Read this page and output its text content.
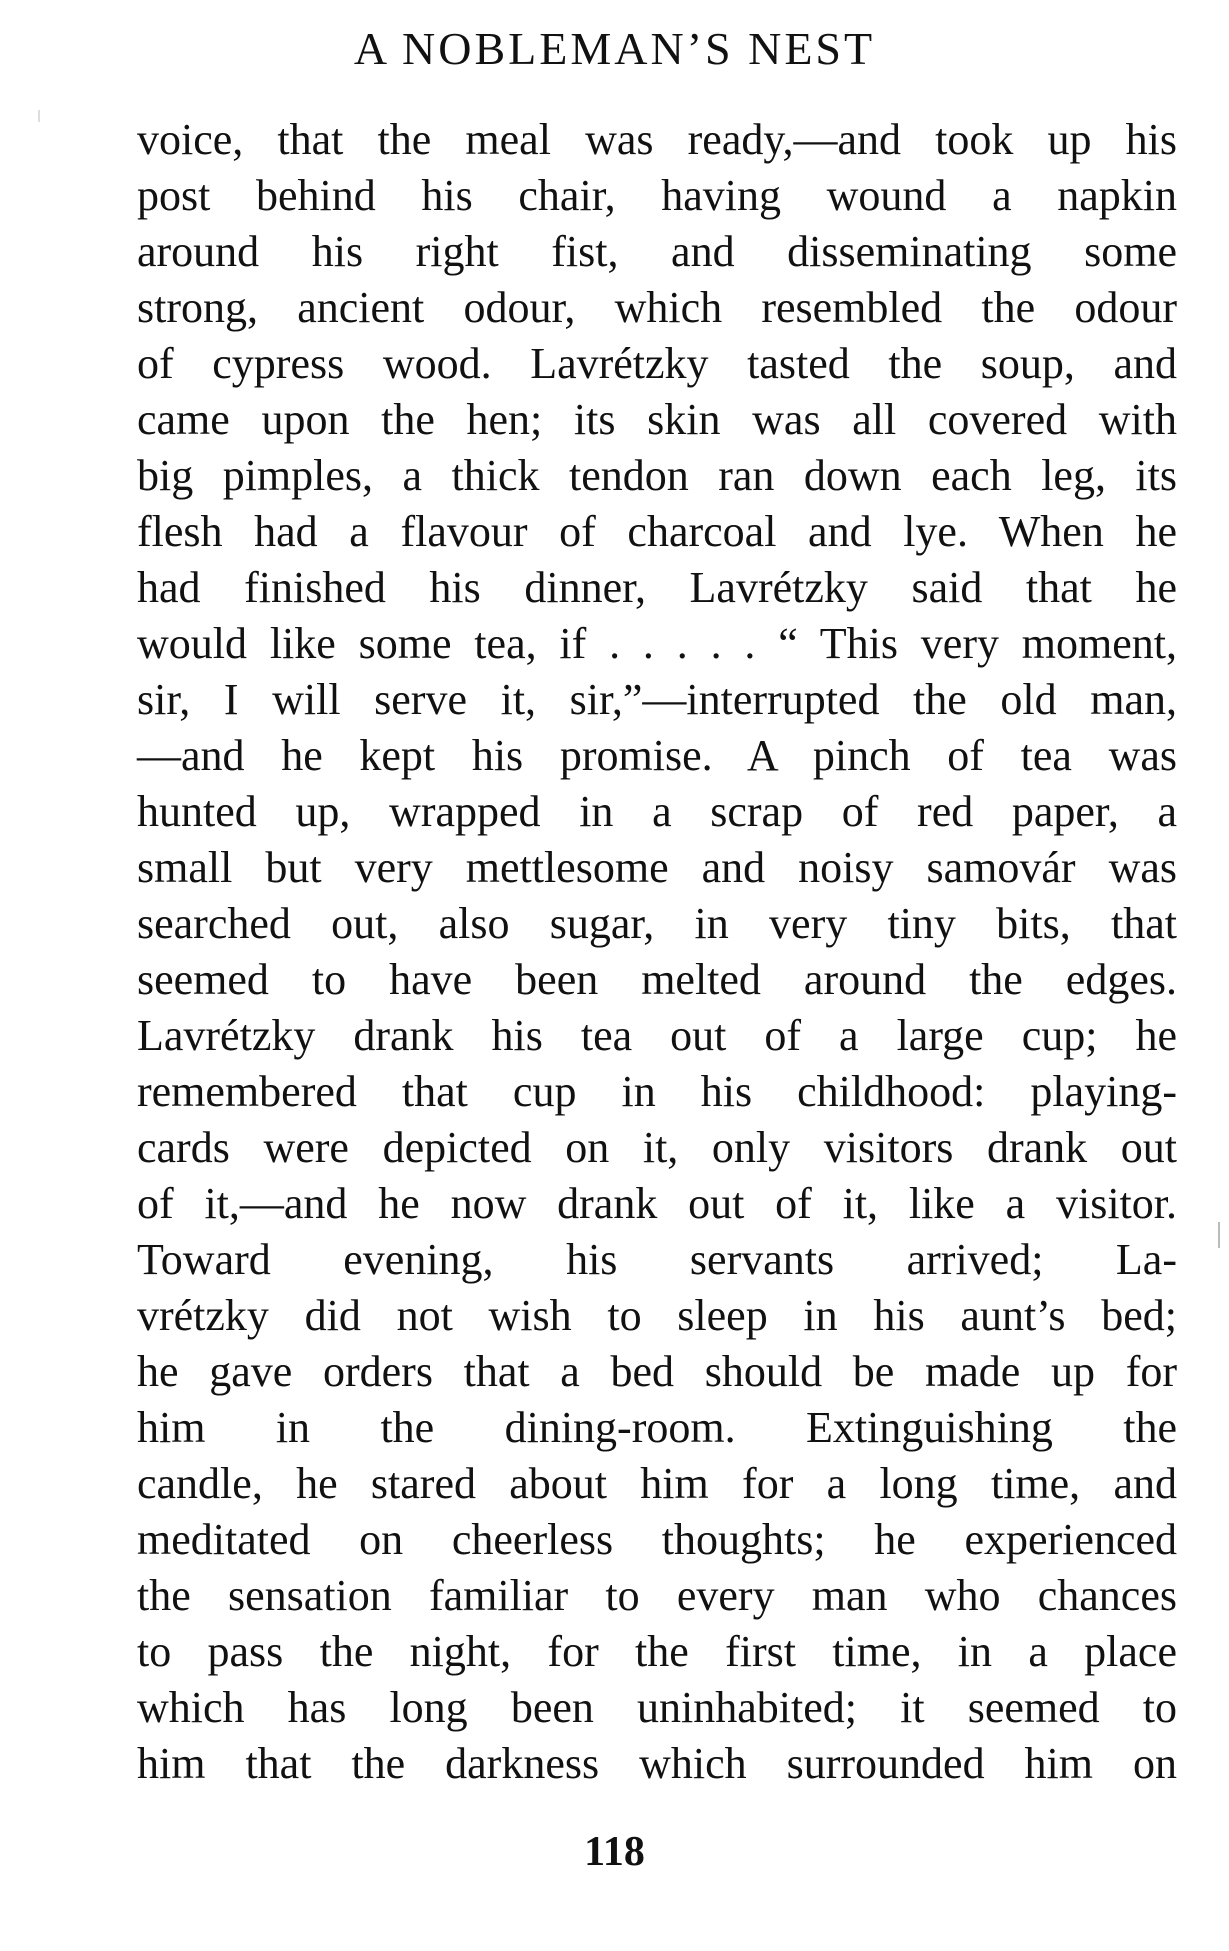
A NOBLEMAN’S NEST
voice, that the meal was ready,—and took up his
post behind his chair, having wound a napkin
around his right fist, and disseminating some
strong, ancient odour, which resembled the odour
of cypress wood. Lavrétzky tasted the soup, and
came upon the hen; its skin was all covered with
big pimples, a thick tendon ran down each leg, its
flesh had a flavour of charcoal and lye. When he
had finished his dinner, Lavrétzky said that he
would like some tea, if . . . . . “ This very moment,
sir, I will serve it, sir,”—interrupted the old man,
—and he kept his promise. A pinch of tea was
hunted up, wrapped in a scrap of red paper, a
small but very mettlesome and noisy samovár was
searched out, also sugar, in very tiny bits, that
seemed to have been melted around the edges.
Lavrétzky drank his tea out of a large cup; he
remembered that cup in his childhood: playing-
cards were depicted on it, only visitors drank out
of it,—and he now drank out of it, like a visitor.
Toward evening, his servants arrived; La-
vrétzky did not wish to sleep in his aunt’s bed;
he gave orders that a bed should be made up for
him in the dining-room. Extinguishing the
candle, he stared about him for a long time, and
meditated on cheerless thoughts; he experienced
the sensation familiar to every man who chances
to pass the night, for the first time, in a place
which has long been uninhabited; it seemed to
him that the darkness which surrounded him on
118
